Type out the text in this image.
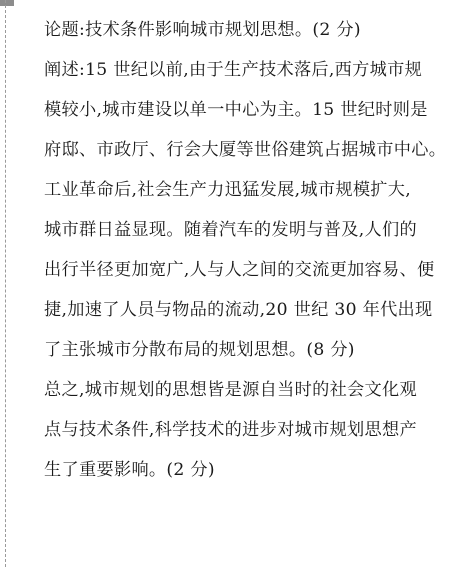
论题:技术条件影响城市规划思想。(2 分)
阐述:15 世纪以前,由于生产技术落后,西方城市规
模较小,城市建设以单一中心为主。15 世纪时则是
府邸、市政厅、行会大厦等世俗建筑占据城市中心。
工业革命后,社会生产力迅猛发展,城市规模扩大,
城市群日益显现。随着汽车的发明与普及,人们的
出行半径更加宽广,人与人之间的交流更加容易、便
捷,加速了人员与物品的流动,20 世纪 30 年代出现
了主张城市分散布局的规划思想。(8 分)
总之,城市规划的思想皆是源自当时的社会文化观
点与技术条件,科学技术的进步对城市规划思想产
生了重要影响。(2 分)
